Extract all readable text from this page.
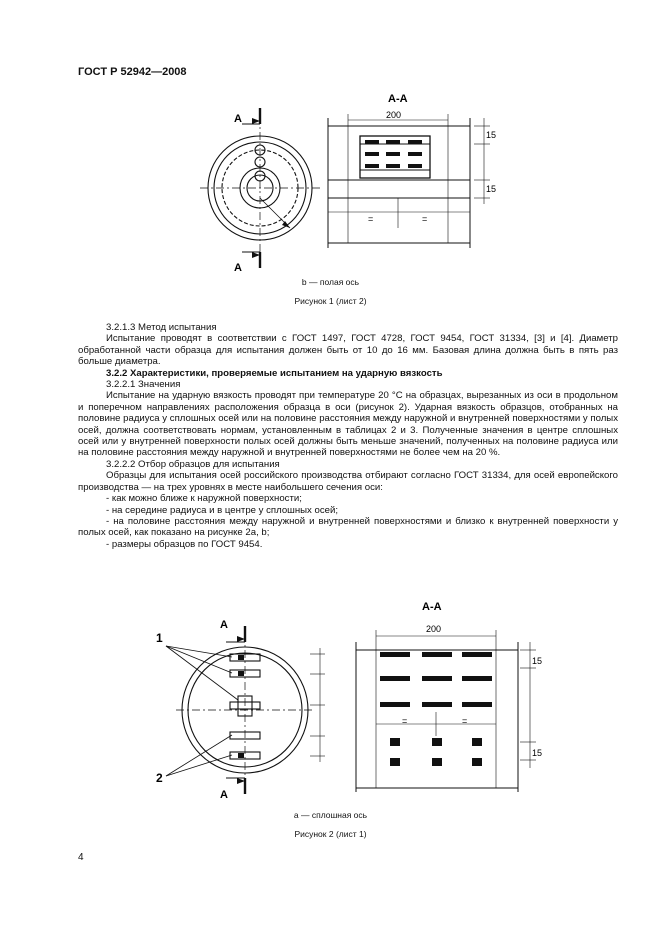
ГОСТ Р 52942—2008
А
А
А-А
200
15
15
=	=
b — полая ось
Рисунок 1 (лист 2)

3.2.1.3 Метод испытания

Испытание проводят в соответствии с ГОСТ 1497, ГОСТ 4728, ГОСТ 9454, ГОСТ 31334, [3] и [4]. Диаметр обработанной части образца для испытания должен быть от 10 до 16 мм. Базовая длина должна быть в пять раз больше диаметра.

3.2.2 Характеристики, проверяемые испытанием на ударную вязкость

3.2.2.1 Значения

Испытание на ударную вязкость проводят при температуре 20 °С на образцах, вырезанных из оси в продольном и поперечном направлениях расположения образца в оси (рисунок 2). Ударная вязкость образцов, отобранных на половине радиуса у сплошных осей или на половине расстояния между наружной и внутренней поверхностями у полых осей, должна соответствовать нормам, установленным в таблицах 2 и 3. Полученные значения в центре сплошных осей или у внутренней поверхности полых осей должны быть меньше значений, полученных на половине радиуса или на половине расстояния между наружной и внутренней поверхностями не более чем на 20 %.

3.2.2.2 Отбор образцов для испытания

Образцы для испытания осей российского производства отбирают согласно ГОСТ 31334, для осей европейского производства — на трех уровнях в месте наибольшего сечения оси:

- как можно ближе к наружной поверхности;

- на середине радиуса и в центре у сплошных осей;

- на половине расстояния между наружной и внутренней поверхностями и близко к внутренней поверхности у полых осей, как показано на рисунке 2а, b;

- размеры образцов по ГОСТ 9454.

1
2
А
А
А-А
200
15
15
=	=
а — сплошная ось
Рисунок 2 (лист 1)
4
